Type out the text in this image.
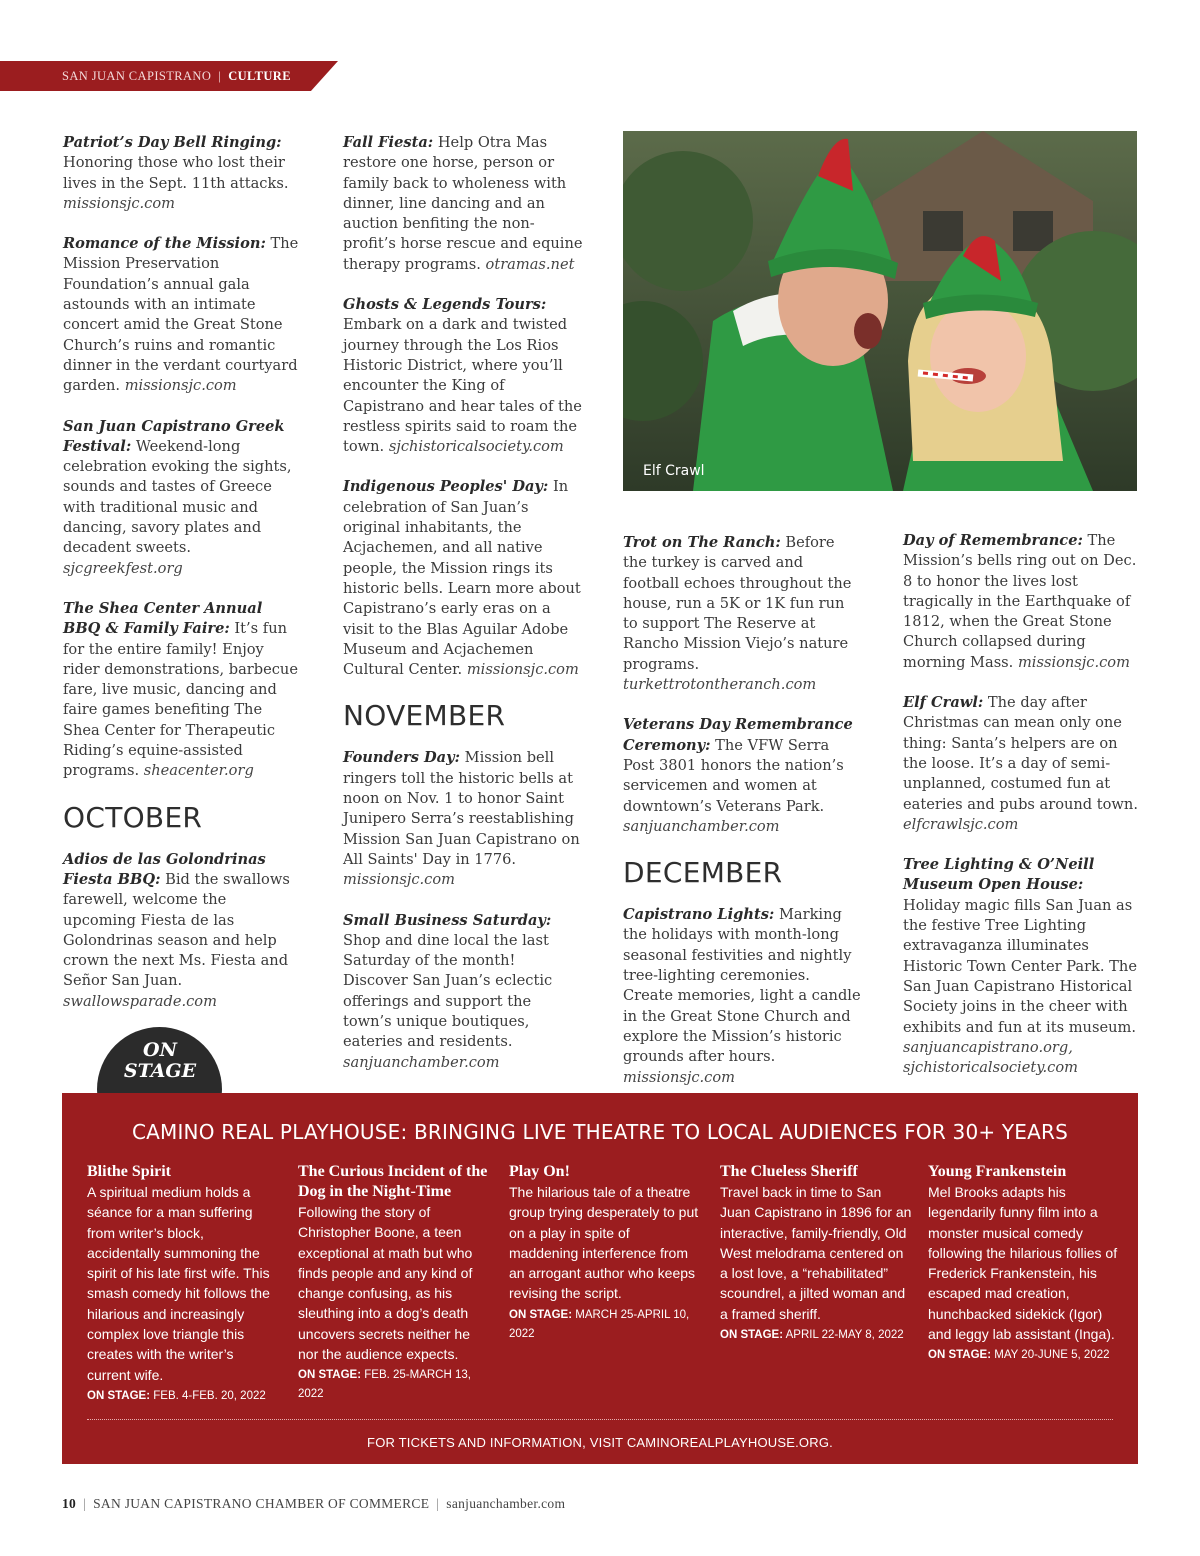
SAN JUAN CAPISTRANO | CULTURE

Patriot’s Day Bell Ringing: Honoring those who lost their lives in the Sept. 11th attacks. missionsjc.com

Romance of the Mission: The Mission Preservation Foundation’s annual gala astounds with an intimate concert amid the Great Stone Church’s ruins and romantic dinner in the verdant courtyard garden. missionsjc.com

San Juan Capistrano Greek Festival: Weekend-long celebration evoking the sights, sounds and tastes of Greece with traditional music and dancing, savory plates and decadent sweets. sjcgreekfest.org

The Shea Center Annual BBQ & Family Faire: It’s fun for the entire family! Enjoy rider demonstrations, barbecue fare, live music, dancing and faire games benefiting The Shea Center for Therapeutic Riding’s equine-assisted programs. sheacenter.org

OCTOBER

Adios de las Golondrinas Fiesta BBQ: Bid the swallows farewell, welcome the upcoming Fiesta de las Golondrinas season and help crown the next Ms. Fiesta and Señor San Juan. swallowsparade.com

Fall Fiesta: Help Otra Mas restore one horse, person or family back to wholeness with dinner, line dancing and an auction benfiting the non-profit’s horse rescue and equine therapy programs. otramas.net

Ghosts & Legends Tours: Embark on a dark and twisted journey through the Los Rios Historic District, where you’ll encounter the King of Capistrano and hear tales of the restless spirits said to roam the town. sjchistoricalsociety.com

Indigenous Peoples' Day: In celebration of San Juan’s original inhabitants, the Acjachemen, and all native people, the Mission rings its historic bells. Learn more about Capistrano’s early eras on a visit to the Blas Aguilar Adobe Museum and Acjachemen Cultural Center. missionsjc.com

NOVEMBER

Founders Day: Mission bell ringers toll the historic bells at noon on Nov. 1 to honor Saint Junipero Serra’s reestablishing Mission San Juan Capistrano on All Saints' Day in 1776. missionsjc.com

Small Business Saturday: Shop and dine local the last Saturday of the month! Discover San Juan’s eclectic offerings and support the town’s unique boutiques, eateries and residents. sanjuanchamber.com

Elf Crawl

Trot on The Ranch: Before the turkey is carved and football echoes throughout the house, run a 5K or 1K fun run to support The Reserve at Rancho Mission Viejo’s nature programs. turkettrotontheranch.com

Veterans Day Remembrance Ceremony: The VFW Serra Post 3801 honors the nation’s servicemen and women at downtown’s Veterans Park. sanjuanchamber.com

DECEMBER

Capistrano Lights: Marking the holidays with month-long seasonal festivities and nightly tree-lighting ceremonies. Create memories, light a candle in the Great Stone Church and explore the Mission’s historic grounds after hours. missionsjc.com

Day of Remembrance: The Mission’s bells ring out on Dec. 8 to honor the lives lost tragically in the Earthquake of 1812, when the Great Stone Church collapsed during morning Mass. missionsjc.com

Elf Crawl: The day after Christmas can mean only one thing: Santa’s helpers are on the loose. It’s a day of semi-unplanned, costumed fun at eateries and pubs around town. elfcrawlsjc.com

Tree Lighting & O’Neill Museum Open House: Holiday magic fills San Juan as the festive Tree Lighting extravaganza illuminates Historic Town Center Park. The San Juan Capistrano Historical Society joins in the cheer with exhibits and fun at its museum. sanjuancapistrano.org, sjchistoricalsociety.com

ON
STAGE
CAMINO REAL PLAYHOUSE: BRINGING LIVE THEATRE TO LOCAL AUDIENCES FOR 30+ YEARS
Blithe Spirit
A spiritual medium holds a séance for a man suffering from writer’s block, accidentally summoning the spirit of his late first wife. This smash comedy hit follows the hilarious and increasingly complex love triangle this creates with the writer’s current wife.
ON STAGE: FEB. 4-FEB. 20, 2022
The Curious Incident of the Dog in the Night-Time
Following the story of Christopher Boone, a teen exceptional at math but who finds people and any kind of change confusing, as his sleuthing into a dog’s death uncovers secrets neither he nor the audience expects.
ON STAGE: FEB. 25-MARCH 13, 2022
Play On!
The hilarious tale of a theatre group trying desperately to put on a play in spite of maddening interference from an arrogant author who keeps revising the script.
ON STAGE: MARCH 25-APRIL 10, 2022
The Clueless Sheriff
Travel back in time to San Juan Capistrano in 1896 for an interactive, family-friendly, Old West melodrama centered on a lost love, a “rehabilitated” scoundrel, a jilted woman and a framed sheriff.
ON STAGE: APRIL 22-MAY 8, 2022
Young Frankenstein
Mel Brooks adapts his legendarily funny film into a monster musical comedy following the hilarious follies of Frederick Frankenstein, his escaped mad creation, hunchbacked sidekick (Igor) and leggy lab assistant (Inga).
ON STAGE: MAY 20-JUNE 5, 2022
FOR TICKETS AND INFORMATION, VISIT CAMINOREALPLAYHOUSE.ORG.
10 | SAN JUAN CAPISTRANO CHAMBER OF COMMERCE | sanjuanchamber.com
